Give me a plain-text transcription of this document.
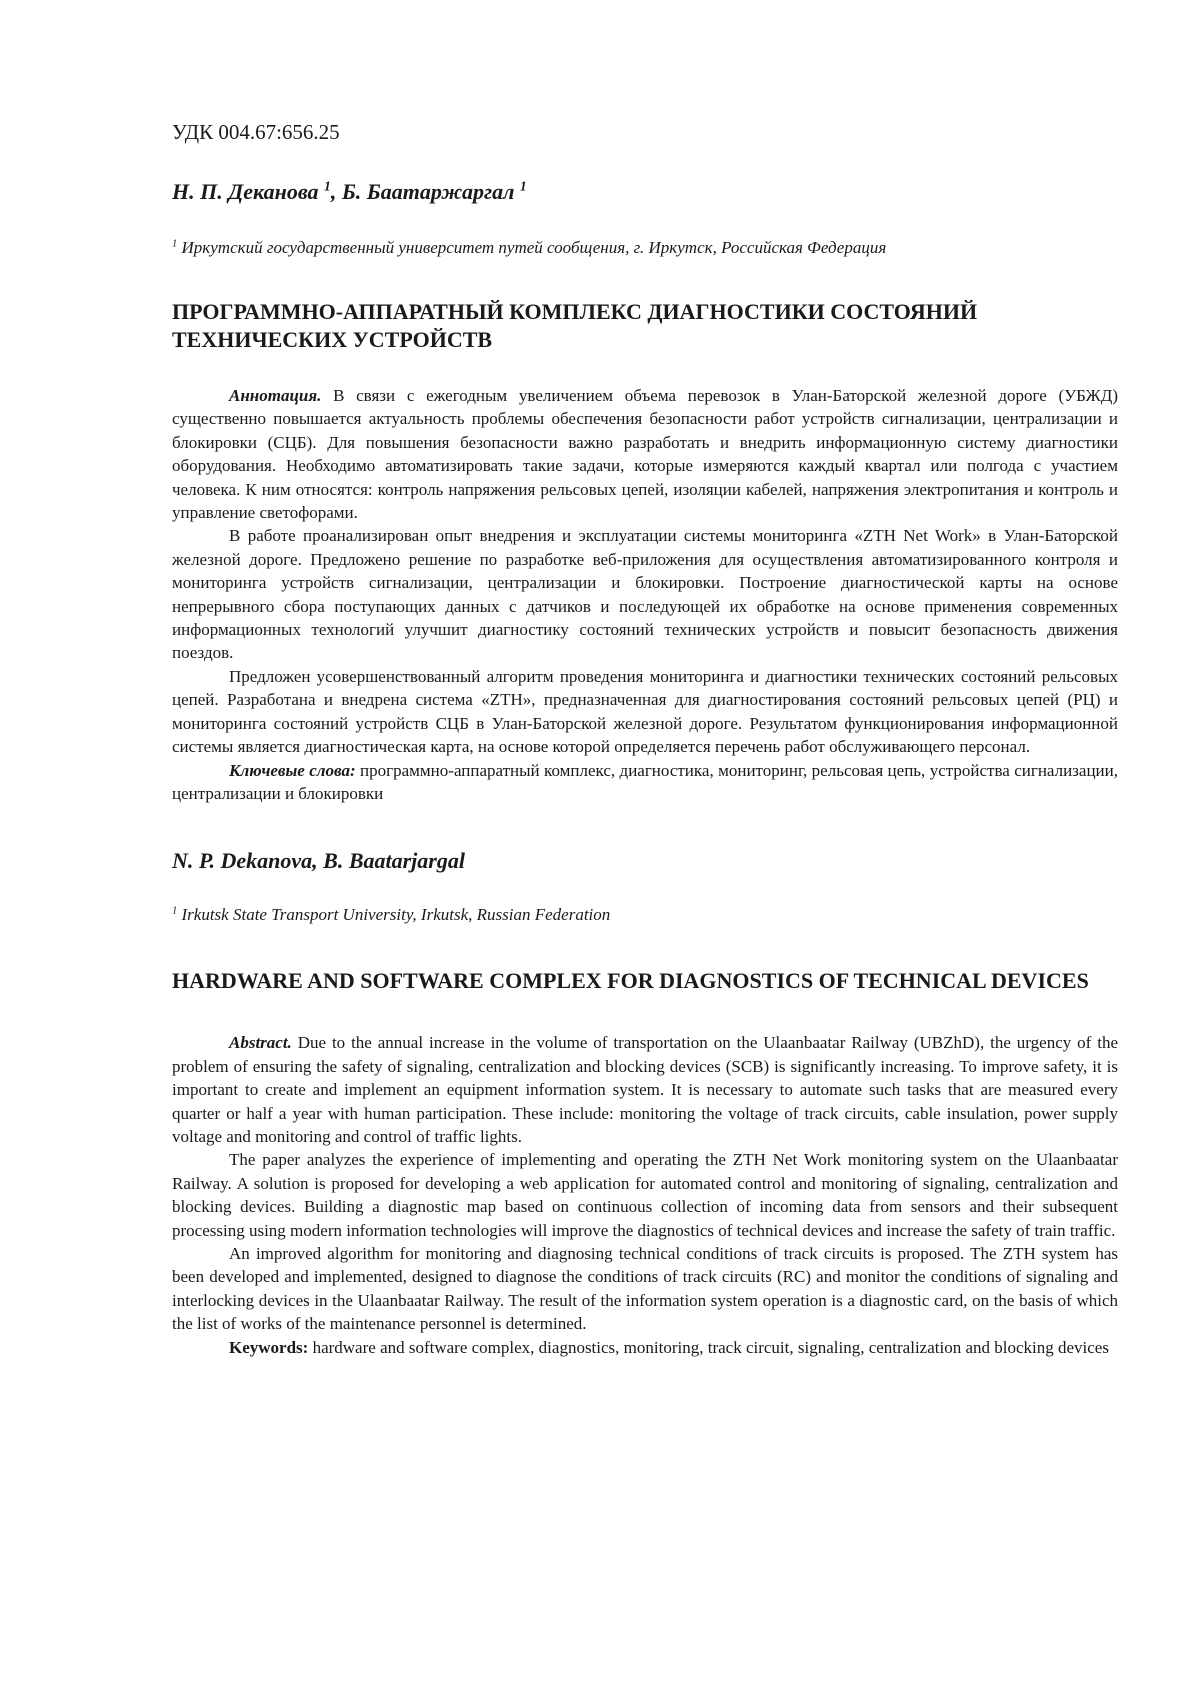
УДК 004.67:656.25

Н. П. Деканова 1, Б. Баатаржаргал 1

1 Иркутский государственный университет путей сообщения, г. Иркутск, Российская Федерация

ПРОГРАММНО-АППАРАТНЫЙ КОМПЛЕКС ДИАГНОСТИКИ СОСТОЯНИЙ ТЕХНИЧЕСКИХ УСТРОЙСТВ

Аннотация. В связи с ежегодным увеличением объема перевозок в Улан-Баторской железной дороге (УБЖД) существенно повышается актуальность проблемы обеспечения безопасности работ устройств сигнализации, централизации и блокировки (СЦБ). Для повышения безопасности важно разработать и внедрить информационную систему диагностики оборудования. Необходимо автоматизировать такие задачи, которые измеряются каждый квартал или полгода с участием человека. К ним относятся: контроль напряжения рельсовых цепей, изоляции кабелей, напряжения электропитания и контроль и управление светофорами.

В работе проанализирован опыт внедрения и эксплуатации системы мониторинга «ZTH Net Work» в Улан-Баторской железной дороге. Предложено решение по разработке веб-приложения для осуществления автоматизированного контроля и мониторинга устройств сигнализации, централизации и блокировки. Построение диагностической карты на основе непрерывного сбора поступающих данных с датчиков и последующей их обработке на основе применения современных информационных технологий улучшит диагностику состояний технических устройств и повысит безопасность движения поездов.

Предложен усовершенствованный алгоритм проведения мониторинга и диагностики технических состояний рельсовых цепей. Разработана и внедрена система «ZTH», предназначенная для диагностирования состояний рельсовых цепей (РЦ) и мониторинга состояний устройств СЦБ в Улан-Баторской железной дороге. Результатом функционирования информационной системы является диагностическая карта, на основе которой определяется перечень работ обслуживающего персонал.

Ключевые слова: программно-аппаратный комплекс, диагностика, мониторинг, рельсовая цепь, устройства сигнализации, централизации и блокировки

N. P. Dekanova, B. Baatarjargal

1 Irkutsk State Transport University, Irkutsk, Russian Federation

HARDWARE AND SOFTWARE COMPLEX FOR DIAGNOSTICS OF TECHNICAL DEVICES

Abstract. Due to the annual increase in the volume of transportation on the Ulaanbaatar Railway (UBZhD), the urgency of the problem of ensuring the safety of signaling, centralization and blocking devices (SCB) is significantly increasing. To improve safety, it is important to create and implement an equipment information system. It is necessary to automate such tasks that are measured every quarter or half a year with human participation. These include: monitoring the voltage of track circuits, cable insulation, power supply voltage and monitoring and control of traffic lights.

The paper analyzes the experience of implementing and operating the ZTH Net Work monitoring system on the Ulaanbaatar Railway. A solution is proposed for developing a web application for automated control and monitoring of signaling, centralization and blocking devices. Building a diagnostic map based on continuous collection of incoming data from sensors and their subsequent processing using modern information technologies will improve the diagnostics of technical devices and increase the safety of train traffic.

An improved algorithm for monitoring and diagnosing technical conditions of track circuits is proposed. The ZTH system has been developed and implemented, designed to diagnose the conditions of track circuits (RC) and monitor the conditions of signaling and interlocking devices in the Ulaanbaatar Railway. The result of the information system operation is a diagnostic card, on the basis of which the list of works of the maintenance personnel is determined.

Keywords: hardware and software complex, diagnostics, monitoring, track circuit, signaling, centralization and blocking devices
